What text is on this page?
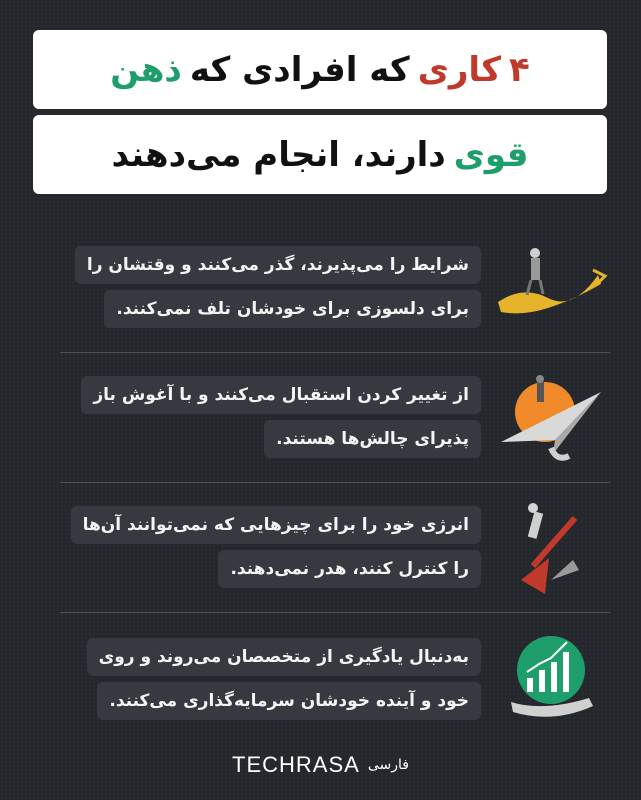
۴
کاری
که افرادی که
ذهن
قوی
دارند، انجام می‌دهند
شرایط را می‌پذیرند، گذر می‌کنند و وقتشان را
برای دلسوزی برای خودشان تلف نمی‌کنند.
از تغییر کردن استقبال می‌کنند و با آغوش باز
پذیرای چالش‌ها هستند.
انرژی خود را برای چیزهایی که نمی‌توانند آن‌ها
را کنترل کنند، هدر نمی‌دهند.
به‌دنبال یادگیری از متخصصان می‌روند و روی
خود و آینده خودشان سرمایه‌گذاری می‌کنند.
TECHRASA فارسی
